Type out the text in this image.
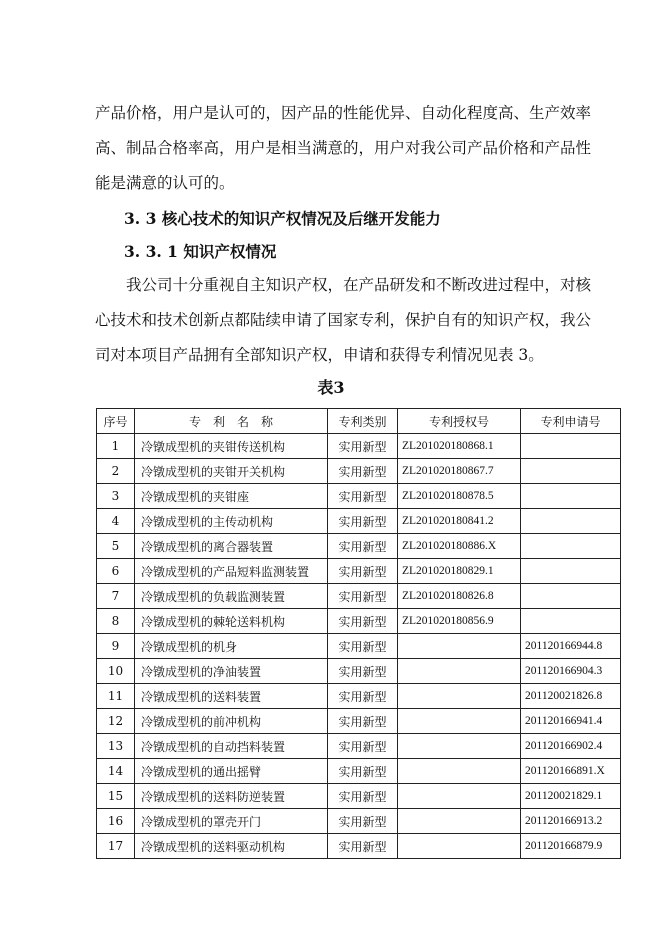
产品价格，用户是认可的，因产品的性能优异、自动化程度高、生产效率
高、制品合格率高，用户是相当满意的，用户对我公司产品价格和产品性
能是满意的认可的。

3. 3 核心技术的知识产权情况及后继开发能力
3. 3. 1 知识产权情况

我公司十分重视自主知识产权，在产品研发和不断改进过程中，对核
心技术和技术创新点都陆续申请了国家专利，保护自有的知识产权，我公
司对本项目产品拥有全部知识产权，申请和获得专利情况见表 3。

表3
序号	专　利　名　称	专利类别	专利授权号	专利申请号
1	冷镦成型机的夹钳传送机构	实用新型	ZL201020180868.1	
2	冷镦成型机的夹钳开关机构	实用新型	ZL201020180867.7	
3	冷镦成型机的夹钳座	实用新型	ZL201020180878.5	
4	冷镦成型机的主传动机构	实用新型	ZL201020180841.2	
5	冷镦成型机的离合器装置	实用新型	ZL201020180886.X	
6	冷镦成型机的产品短料监测装置	实用新型	ZL201020180829.1	
7	冷镦成型机的负载监测装置	实用新型	ZL201020180826.8	
8	冷镦成型机的棘轮送料机构	实用新型	ZL201020180856.9	
9	冷镦成型机的机身	实用新型		201120166944.8
10	冷镦成型机的净油装置	实用新型		201120166904.3
11	冷镦成型机的送料装置	实用新型		201120021826.8
12	冷镦成型机的前冲机构	实用新型		201120166941.4
13	冷镦成型机的自动挡料装置	实用新型		201120166902.4
14	冷镦成型机的通出摇臂	实用新型		201120166891.X
15	冷镦成型机的送料防逆装置	实用新型		201120021829.1
16	冷镦成型机的罩壳开门	实用新型		201120166913.2
17	冷镦成型机的送料驱动机构	实用新型		201120166879.9
